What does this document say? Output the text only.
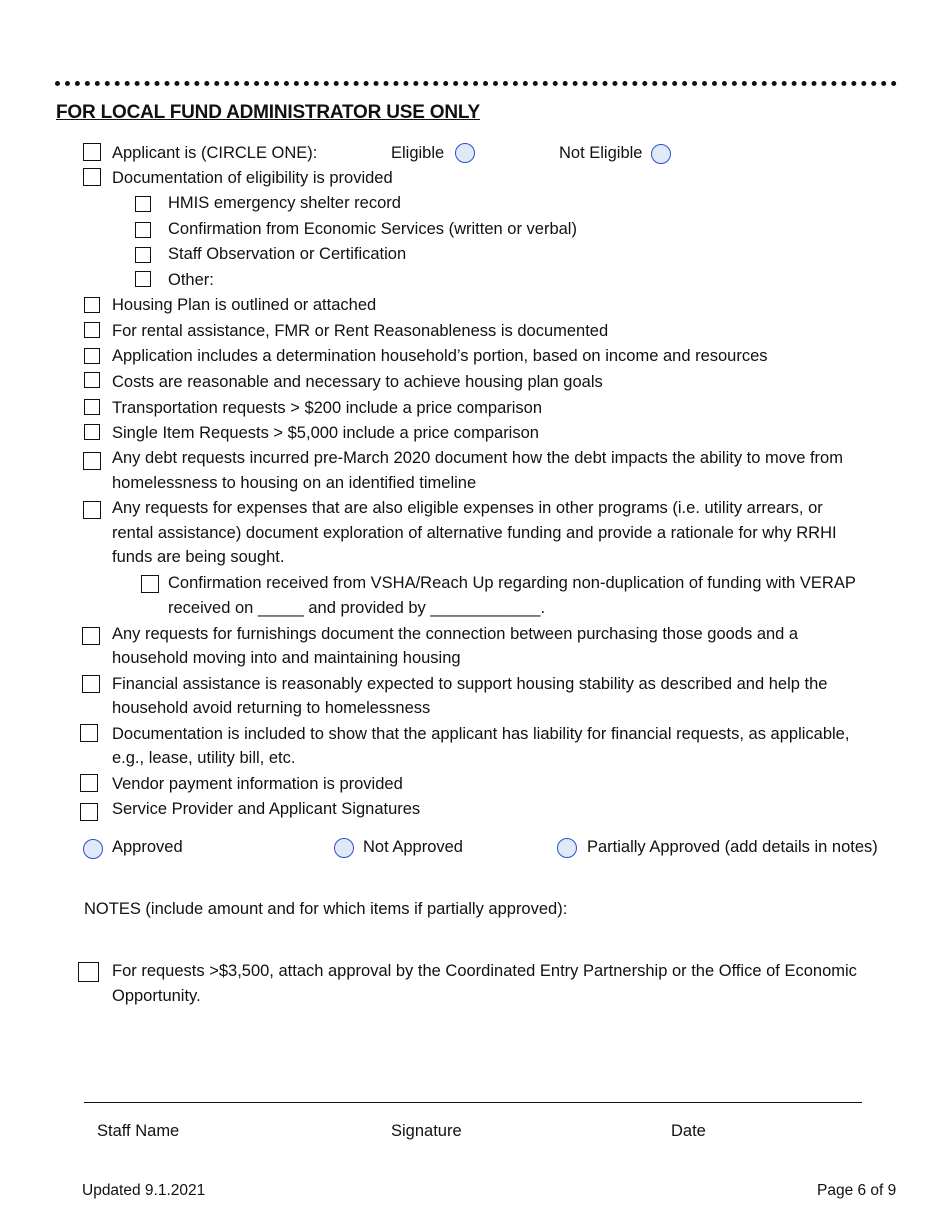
FOR LOCAL FUND ADMINISTRATOR USE ONLY
Applicant is (CIRCLE ONE):	Eligible	Not Eligible
Documentation of eligibility is provided
HMIS emergency shelter record
Confirmation from Economic Services (written or verbal)
Staff Observation or Certification
Other:
Housing Plan is outlined or attached
For rental assistance, FMR or Rent Reasonableness is documented
Application includes a determination household’s portion, based on income and resources
Costs are reasonable and necessary to achieve housing plan goals
Transportation requests > $200 include a price comparison
Single Item Requests > $5,000 include a price comparison
Any debt requests incurred pre-March 2020 document how the debt impacts the ability to move from
homelessness to housing on an identified timeline
Any requests for expenses that are also eligible expenses in other programs (i.e. utility arrears, or
rental assistance) document exploration of alternative funding and provide a rationale for why RRHI
funds are being sought.
Confirmation received from VSHA/Reach Up regarding non-duplication of funding with VERAP
received on _____ and provided by ____________.
Any requests for furnishings document the connection between purchasing those goods and a
household moving into and maintaining housing
Financial assistance is reasonably expected to support housing stability as described and help the
household avoid returning to homelessness
Documentation is included to show that the applicant has liability for financial requests, as applicable,
e.g., lease, utility bill, etc.
Vendor payment information is provided
Service Provider and Applicant Signatures
Approved	Not Approved	Partially Approved (add details in notes)
NOTES (include amount and for which items if partially approved):
For requests >$3,500, attach approval by the Coordinated Entry Partnership or the Office of Economic
Opportunity.
Staff Name	Signature	Date
Updated 9.1.2021	Page 6 of 9
